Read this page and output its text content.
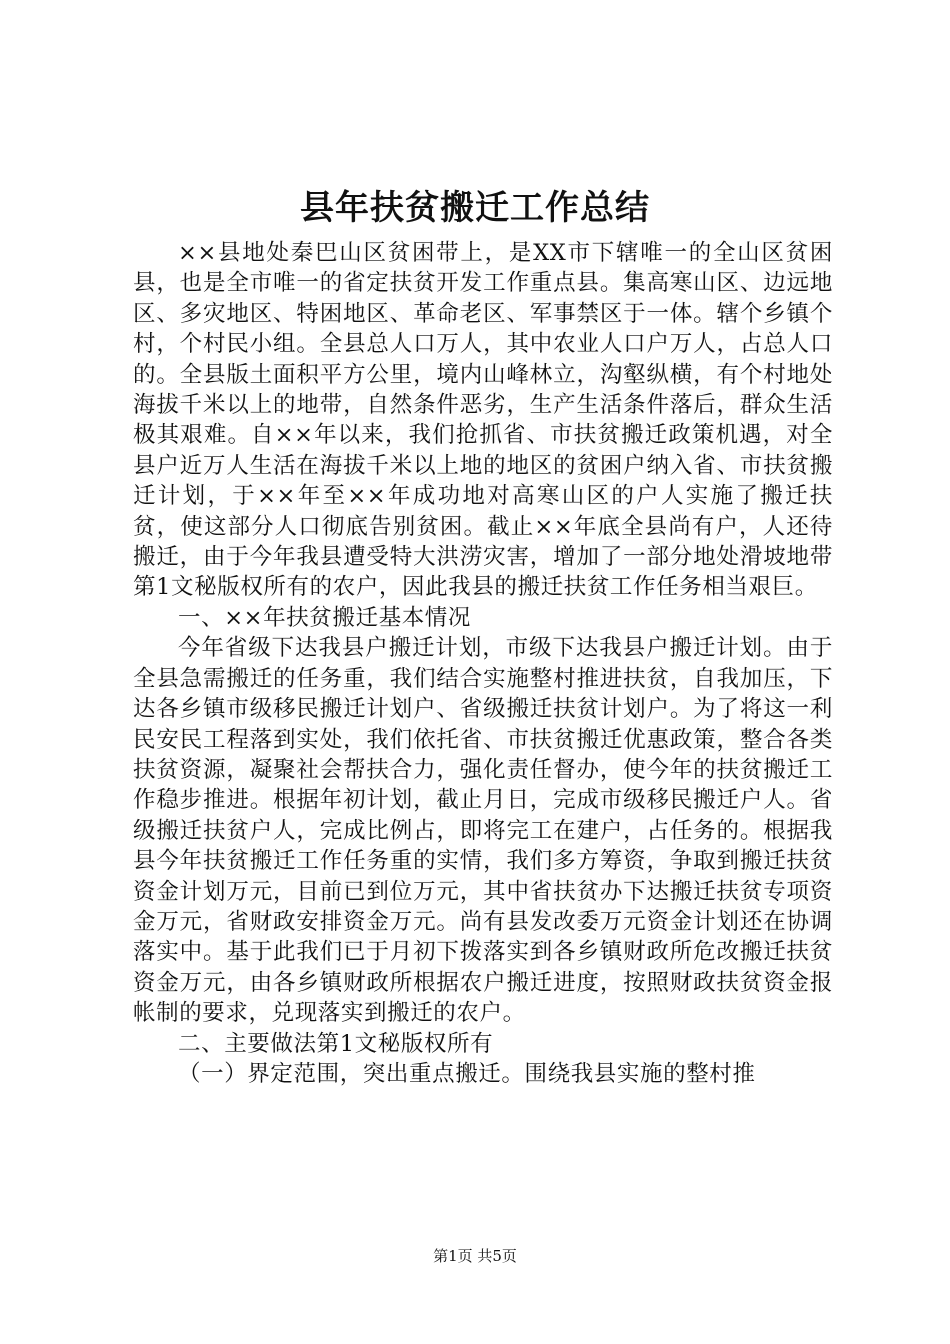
县年扶贫搬迁工作总结

××县地处秦巴山区贫困带上，是XX市下辖唯一的全山区贫困县，也是全市唯一的省定扶贫开发工作重点县。集高寒山区、边远地区、多灾地区、特困地区、革命老区、军事禁区于一体。辖个乡镇个村，个村民小组。全县总人口万人，其中农业人口户万人，占总人口的。全县版土面积平方公里，境内山峰林立，沟壑纵横，有个村地处海拔千米以上的地带，自然条件恶劣，生产生活条件落后，群众生活极其艰难。自××年以来，我们抢抓省、市扶贫搬迁政策机遇，对全县户近万人生活在海拔千米以上地的地区的贫困户纳入省、市扶贫搬迁计划，于××年至××年成功地对高寒山区的户人实施了搬迁扶贫，使这部分人口彻底告别贫困。截止××年底全县尚有户，人还待搬迁，由于今年我县遭受特大洪涝灾害，增加了一部分地处滑坡地带第1文秘版权所有的农户，因此我县的搬迁扶贫工作任务相当艰巨。

一、××年扶贫搬迁基本情况

今年省级下达我县户搬迁计划，市级下达我县户搬迁计划。由于全县急需搬迁的任务重，我们结合实施整村推进扶贫，自我加压，下达各乡镇市级移民搬迁计划户、省级搬迁扶贫计划户。为了将这一利民安民工程落到实处，我们依托省、市扶贫搬迁优惠政策，整合各类扶贫资源，凝聚社会帮扶合力，强化责任督办，使今年的扶贫搬迁工作稳步推进。根据年初计划，截止月日，完成市级移民搬迁户人。省级搬迁扶贫户人，完成比例占，即将完工在建户，占任务的。根据我县今年扶贫搬迁工作任务重的实情，我们多方筹资，争取到搬迁扶贫资金计划万元，目前已到位万元，其中省扶贫办下达搬迁扶贫专项资金万元，省财政安排资金万元。尚有县发改委万元资金计划还在协调落实中。基于此我们已于月初下拨落实到各乡镇财政所危改搬迁扶贫资金万元，由各乡镇财政所根据农户搬迁进度，按照财政扶贫资金报帐制的要求，兑现落实到搬迁的农户。

二、主要做法第1文秘版权所有

（一）界定范围，突出重点搬迁。围绕我县实施的整村推

第1页 共5页
